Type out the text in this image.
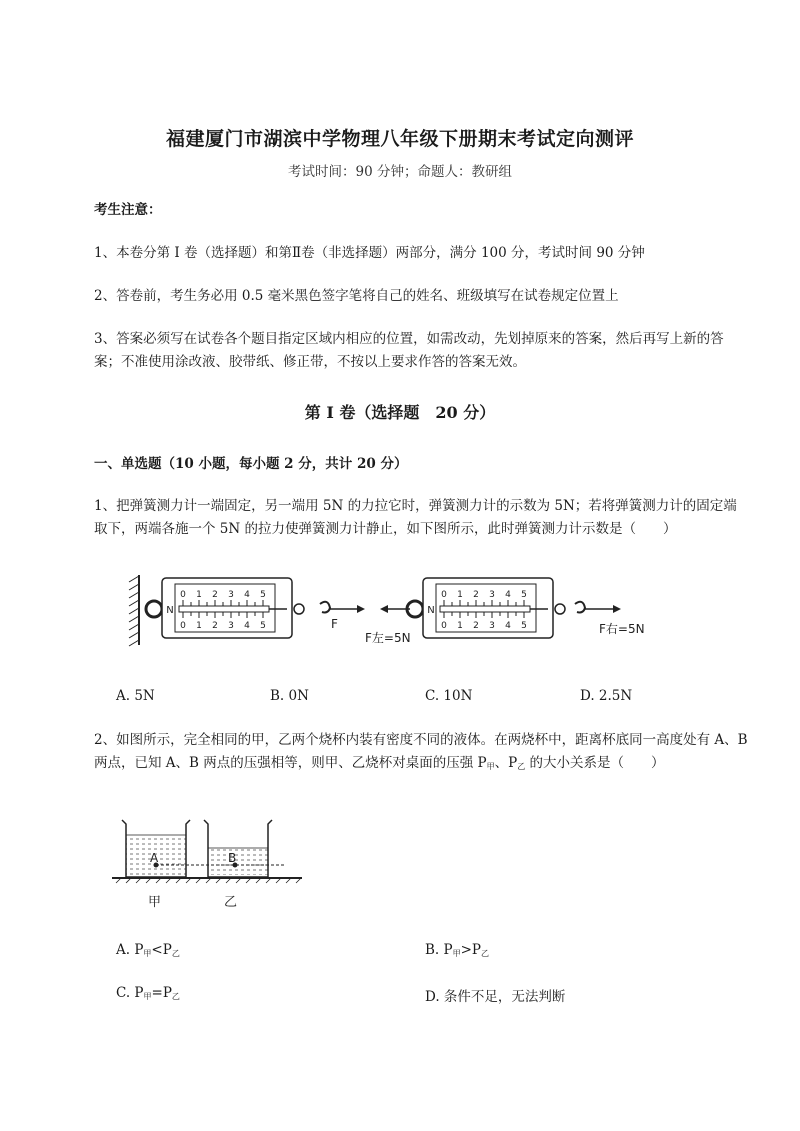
福建厦门市湖滨中学物理八年级下册期末考试定向测评
考试时间：90 分钟；命题人：教研组
考生注意：
1、本卷分第 I 卷（选择题）和第Ⅱ卷（非选择题）两部分，满分 100 分，考试时间 90 分钟
2、答卷前，考生务必用 0.5 毫米黑色签字笔将自己的姓名、班级填写在试卷规定位置上
3、答案必须写在试卷各个题目指定区域内相应的位置，如需改动，先划掉原来的答案，然后再写上新的答案；不准使用涂改液、胶带纸、修正带，不按以上要求作答的答案无效。
第 I 卷（选择题　20 分）
一、单选题（10 小题，每小题 2 分，共计 20 分）
1、把弹簧测力计一端固定，另一端用 5N 的力拉它时，弹簧测力计的示数为 5N；若将弹簧测力计的固定端取下，两端各施一个 5N 的拉力使弹簧测力计静止，如下图所示，此时弹簧测力计示数是（　　）
0 1 2 3 4 5
0 1 2 3 4 5
N
F
F左=5N
0 1 2 3 4 5
0 1 2 3 4 5
N
F右=5N
A. 5N	B. 0N	C. 10N	D. 2.5N
2、如图所示，完全相同的甲，乙两个烧杯内装有密度不同的液体。在两烧杯中，距离杯底同一高度处有 A、B 两点，已知 A、B 两点的压强相等，则甲、乙烧杯对桌面的压强 $P_甲$、$P_乙$ 的大小关系是（　　）
A	B
甲	乙
A. $P_甲<P_乙$	B. $P_甲>P_乙$
C. $P_甲=P_乙$	D. 条件不足，无法判断
